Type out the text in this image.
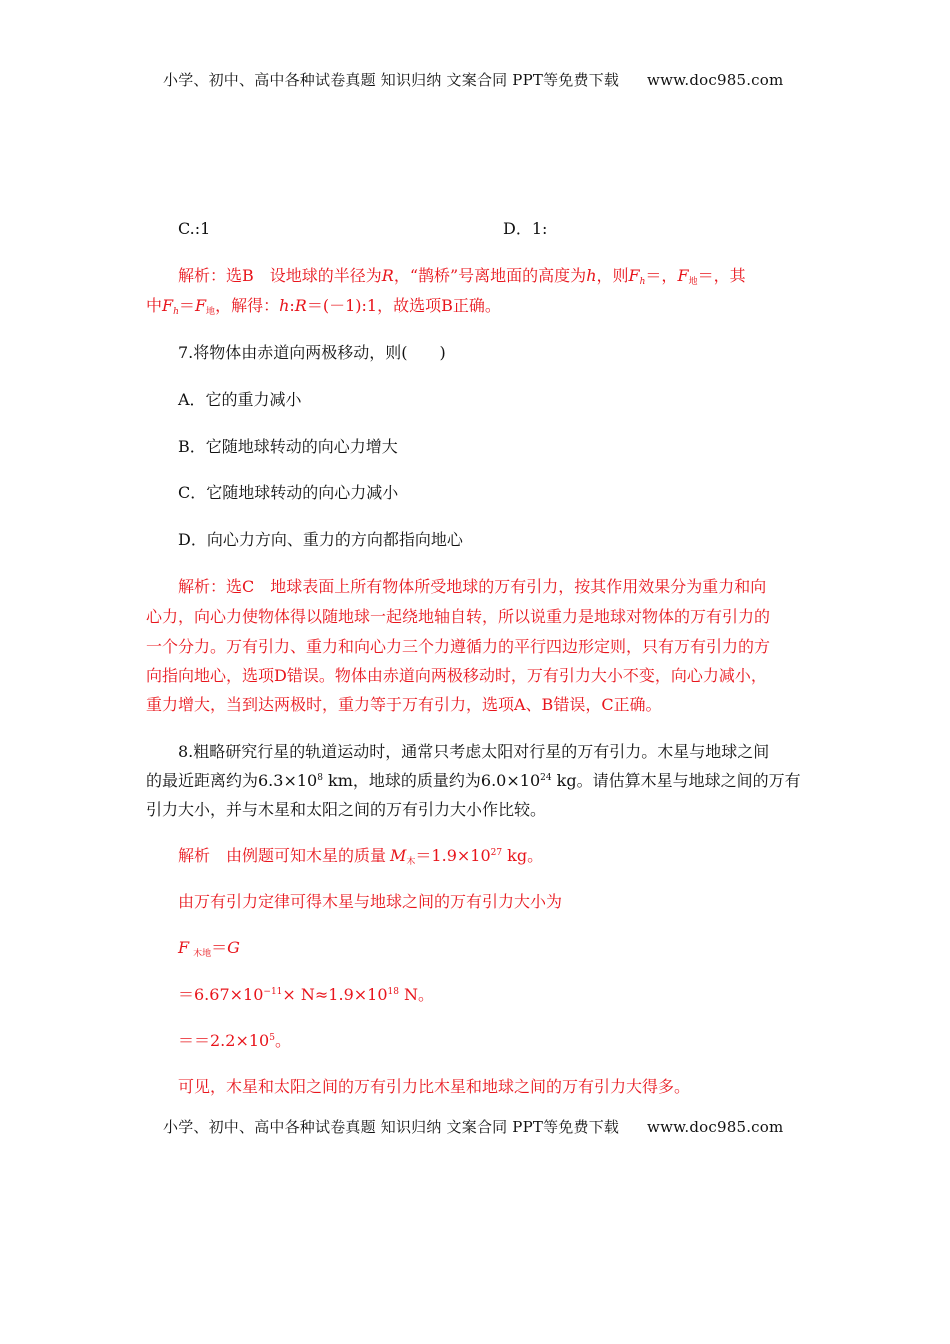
小学、初中、高中各种试卷真题 知识归纳 文案合同 PPT等免费下载 www.doc985.com
C.:1	D．1:
解析：选B　设地球的半径为R，“鹊桥”号离地面的高度为h，则$F_h=$，$F_地=$，其
中$F_h=F_地$，解得：h:R＝(－1):1，故选项B正确。
7.将物体由赤道向两极移动，则(　　)
A．它的重力减小
B．它随地球转动的向心力增大
C．它随地球转动的向心力减小
D．向心力方向、重力的方向都指向地心
解析：选C　地球表面上所有物体所受地球的万有引力，按其作用效果分为重力和向
心力，向心力使物体得以随地球一起绕地轴自转，所以说重力是地球对物体的万有引力的
一个分力。万有引力、重力和向心力三个力遵循力的平行四边形定则，只有万有引力的方
向指向地心，选项D错误。物体由赤道向两极移动时，万有引力大小不变，向心力减小，
重力增大，当到达两极时，重力等于万有引力，选项A、B错误，C正确。
8.粗略研究行星的轨道运动时，通常只考虑太阳对行星的万有引力。木星与地球之间
的最近距离约为$6.3\times 10^8$ km，地球的质量约为$6.0\times 10^{24}$ kg。请估算木星与地球之间的万有
引力大小，并与木星和太阳之间的万有引力大小作比较。
解析　由例题可知木星的质量 $M_木=1.9\times 10^{27}$ kg。
由万有引力定律可得木星与地球之间的万有引力大小为
F $_{木地}$＝G
$=6.67\times 10^{-11}\times N\approx 1.9\times 10^{18}$ N。
$==2.2\times 10^5$。
可见，木星和太阳之间的万有引力比木星和地球之间的万有引力大得多。
小学、初中、高中各种试卷真题 知识归纳 文案合同 PPT等免费下载 www.doc985.com
